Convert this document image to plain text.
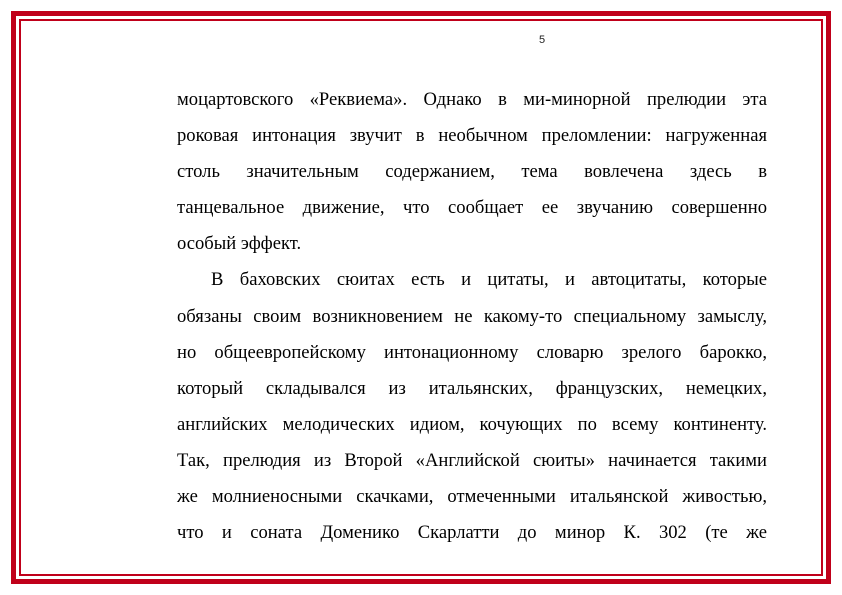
5
моцартовского «Реквиема». Однако в ми-минорной прелюдии эта
роковая интонация звучит в необычном преломлении: нагруженная
столь значительным содержанием, тема вовлечена здесь в
танцевальное движение, что сообщает ее звучанию совершенно
особый эффект.
В баховских сюитах есть и цитаты, и автоцитаты, которые
обязаны своим возникновением не какому-то специальному замыслу,
но общеевропейскому интонационному словарю зрелого барокко,
который складывался из итальянских, французских, немецких,
английских мелодических идиом, кочующих по всему континенту.
Так, прелюдия из Второй «Английской сюиты» начинается такими
же молниеносными скачками, отмеченными итальянской живостью,
что и соната Доменико Скарлатти до минор К. 302 (те же
